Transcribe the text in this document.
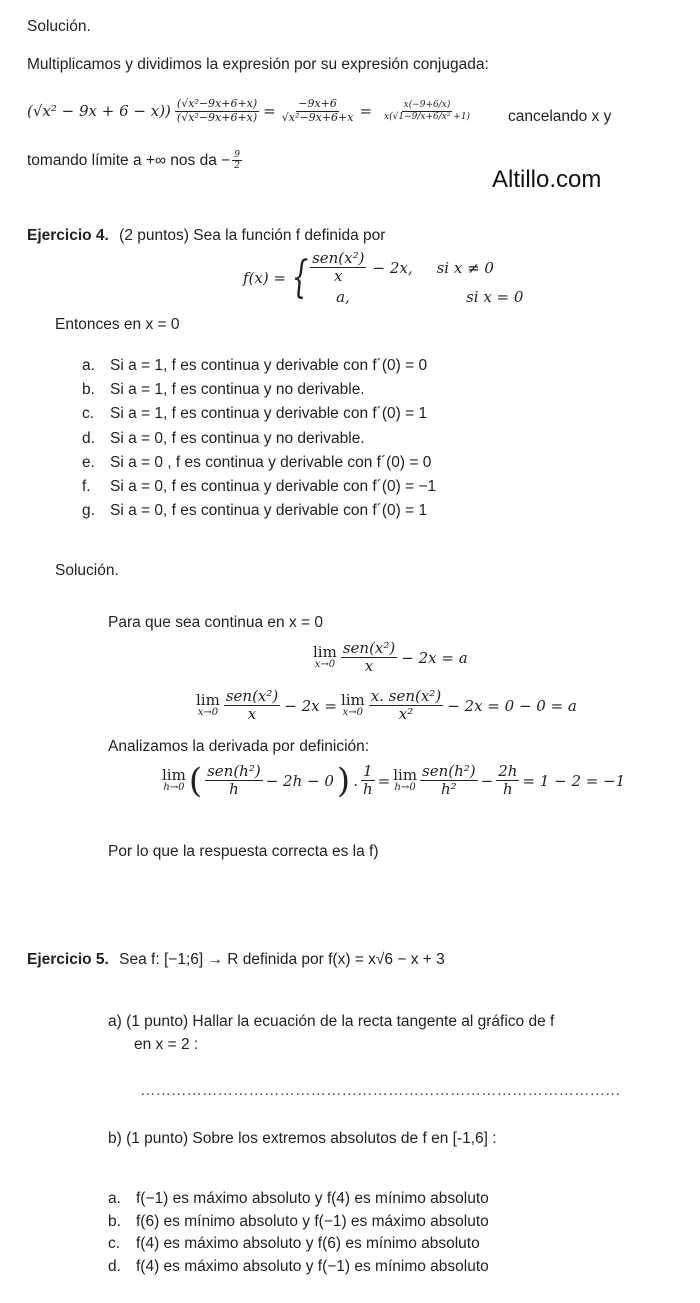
Solución.
Multiplicamos y dividimos la expresión por su expresión conjugada:
$(√x^2 - 9x + 6 - x)) \frac{\text{(√x²−9x+6+x)}}{\text{(√x²−9x+6+x)}} = \frac{-9x+6}{\text{√x²−9x+6+x}} = \frac{x(-9+6/x)}{\text{x(√1−9/x+6/x² +1)}}$ cancelando x y
tomando límite a +∞ nos da − $\frac{9}{2}$
Altillo.com
Ejercicio 4. (2 puntos) Sea la función f definida por
f(x) = { $\frac{\text{sen(x²)}}{x} - 2x$, si x ≠ 0
a,	si x = 0
Entonces en x = 0
a. Si a = 1, f es continua y derivable con f´(0) = 0
b. Si a = 1, f es continua y no derivable.
c. Si a = 1, f es continua y derivable con f´(0) = 1
d. Si a = 0, f es continua y no derivable.
e. Si a = 0 , f es continua y derivable con f´(0) = 0
f. Si a = 0, f es continua y derivable con f´(0) = −1
g. Si a = 0, f es continua y derivable con f´(0) = 1
Solución.
Para que sea continua en x = 0
lim
$x\to 0 \frac{\text{sen(x²)}}{x} - 2x = a$
lim
$x\to 0 \frac{\text{sen(x²)}}{x} - 2x = \lim$
$x\to 0 \frac{\text{x. sen(x²)}}{\text{x²}} - 2x = 0 - 0 = a$
Analizamos la derivada por definición:
lim
h→0 ( $\frac{\text{sen(h²)}}{h} - 2h - 0$ ) . $\frac{1}{h} = \lim$
$h\to 0 \frac{\text{sen(h²)}}{\text{h²}} - \frac{2h}{h} = 1 - 2 = -1$
Por lo que la respuesta correcta es la f)
Ejercicio 5. Sea f: [−1;6] → R definida por f(x) = x√6 − x + 3
a) (1 punto) Hallar la ecuación de la recta tangente al gráfico de f
en x = 2 :
…………………………………………………………………………………
b) (1 punto) Sobre los extremos absolutos de f en [-1,6] :
a. f(−1) es máximo absoluto y f(4) es mínimo absoluto
b. f(6) es mínimo absoluto y f(−1) es máximo absoluto
c. f(4) es máximo absoluto y f(6) es mínimo absoluto
d. f(4) es máximo absoluto y f(−1) es mínimo absoluto
